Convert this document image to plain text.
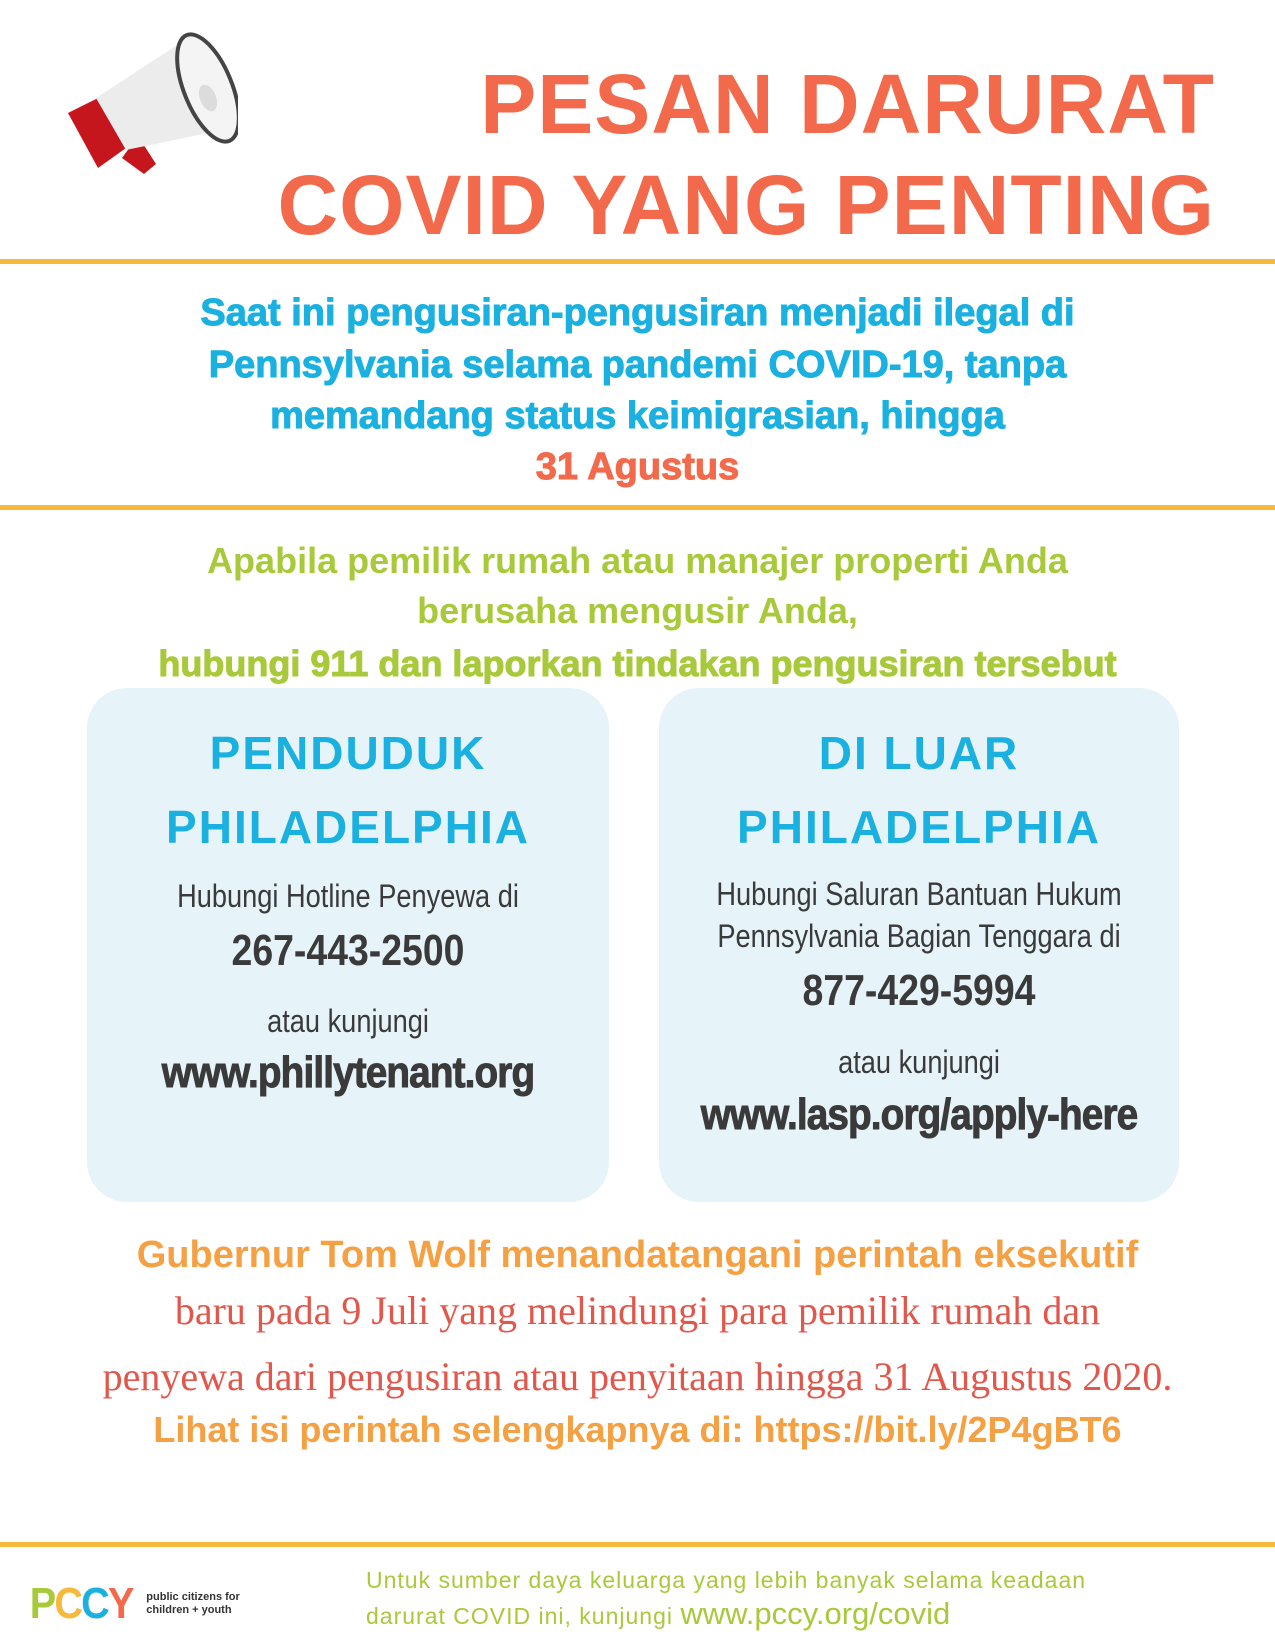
PESAN DARURAT
COVID YANG PENTING
Saat ini pengusiran-pengusiran menjadi ilegal di
Pennsylvania selama pandemi COVID-19, tanpa
memandang status keimigrasian, hingga
31 Agustus
Apabila pemilik rumah atau manajer properti Anda
berusaha mengusir Anda,
hubungi 911 dan laporkan tindakan pengusiran tersebut
PENDUDUK
PHILADELPHIA
Hubungi Hotline Penyewa di
267-443-2500
atau kunjungi
www.phillytenant.org
DI LUAR
PHILADELPHIA
Hubungi Saluran Bantuan Hukum
Pennsylvania Bagian Tenggara di
877-429-5994
atau kunjungi
www.lasp.org/apply-here
Gubernur Tom Wolf menandatangani perintah eksekutif
baru pada 9 Juli yang melindungi para pemilik rumah dan
penyewa dari pengusiran atau penyitaan hingga 31 Augustus 2020.
Lihat isi perintah selengkapnya di: https://bit.ly/2P4gBT6
P C C Y public citizens for children + youth
Untuk sumber daya keluarga yang lebih banyak selama keadaan
darurat COVID ini, kunjungi www.pccy.org/covid
